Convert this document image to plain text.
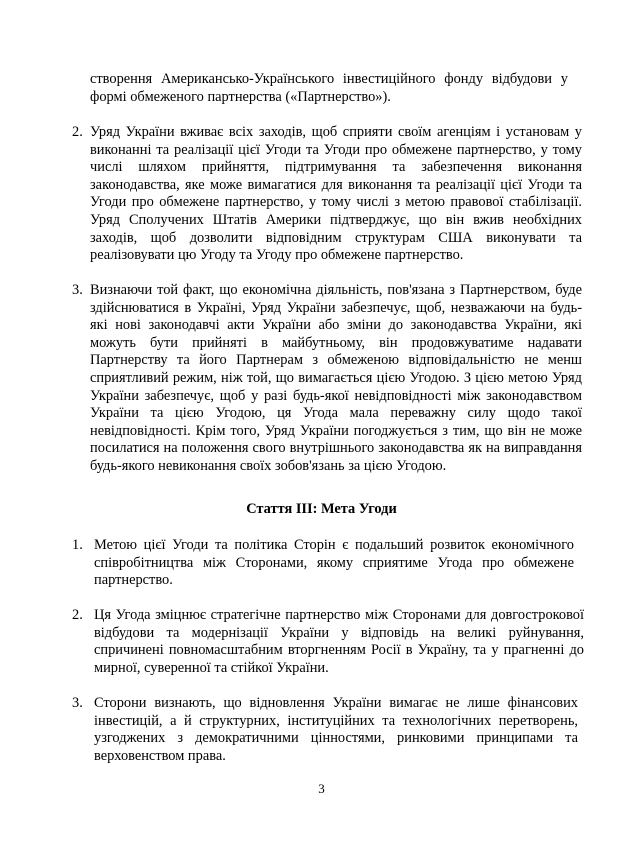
створення Американсько-Українського інвестиційного фонду відбудови у формі обмеженого партнерства («Партнерство»).

2. Уряд України вживає всіх заходів, щоб сприяти своїм агенціям і установам у виконанні та реалізації цієї Угоди та Угоди про обмежене партнерство, у тому числі шляхом прийняття, підтримування та забезпечення виконання законодавства, яке може вимагатися для виконання та реалізації цієї Угоди та Угоди про обмежене партнерство, у тому числі з метою правової стабілізації. Уряд Сполучених Штатів Америки підтверджує, що він вжив необхідних заходів, щоб дозволити відповідним структурам США виконувати та реалізовувати цю Угоду та Угоду про обмежене партнерство.

3. Визнаючи той факт, що економічна діяльність, пов'язана з Партнерством, буде здійснюватися в Україні, Уряд України забезпечує, щоб, незважаючи на будь-які нові законодавчі акти України або зміни до законодавства України, які можуть бути прийняті в майбутньому, він продовжуватиме надавати Партнерству та його Партнерам з обмеженою відповідальністю не менш сприятливий режим, ніж той, що вимагається цією Угодою. З цією метою Уряд України забезпечує, щоб у разі будь-якої невідповідності між законодавством України та цією Угодою, ця Угода мала переважну силу щодо такої невідповідності. Крім того, Уряд України погоджується з тим, що він не може посилатися на положення свого внутрішнього законодавства як на виправдання будь-якого невиконання своїх зобов'язань за цією Угодою.

Стаття III: Мета Угоди

1. Метою цієї Угоди та політика Сторін є подальший розвиток економічного співробітництва між Сторонами, якому сприятиме Угода про обмежене партнерство.

2. Ця Угода зміцнює стратегічне партнерство між Сторонами для довгострокової відбудови та модернізації України у відповідь на великі руйнування, спричинені повномасштабним вторгненням Росії в Україну, та у прагненні до мирної, суверенної та стійкої України.

3. Сторони визнають, що відновлення України вимагає не лише фінансових інвестицій, а й структурних, інституційних та технологічних перетворень, узгоджених з демократичними цінностями, ринковими принципами та верховенством права.

3
